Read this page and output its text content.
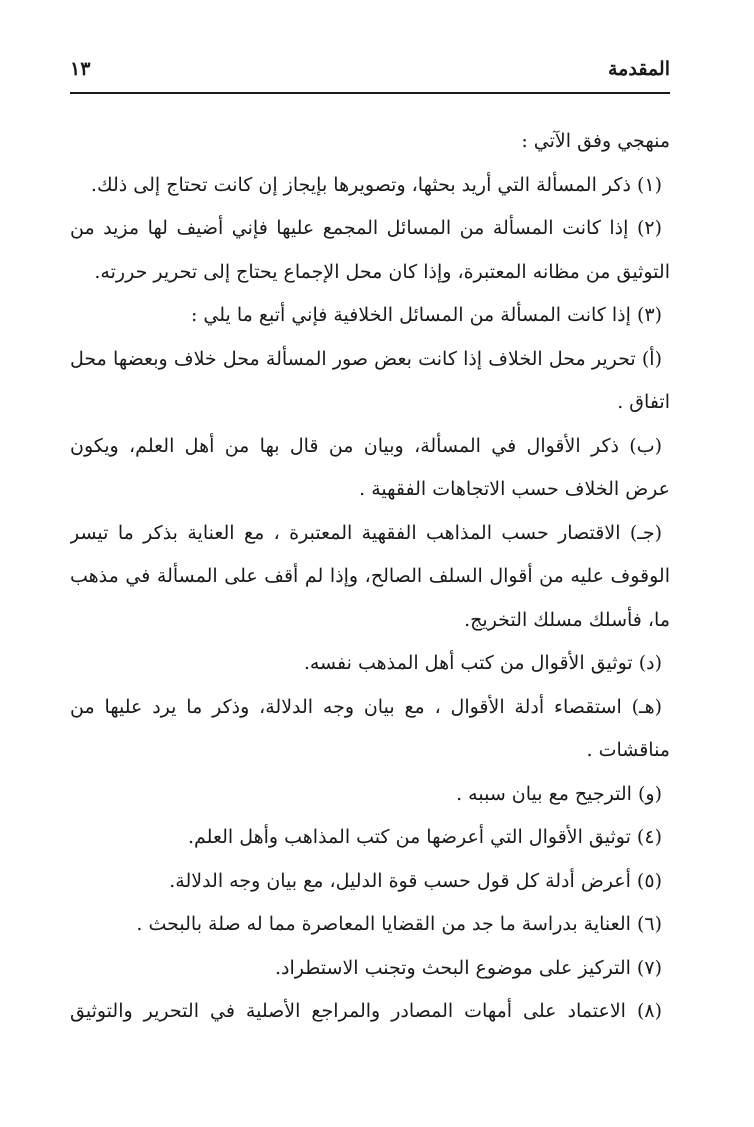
المقدمة
١٣
منهجي وفق الآتي :
(١) ذكر المسألة التي أريد بحثها، وتصويرها بإيجاز إن كانت تحتاج إلى ذلك.
(٢) إذا كانت المسألة من المسائل المجمع عليها فإني أضيف لها مزيد من
التوثيق من مظانه المعتبرة، وإذا كان محل الإجماع يحتاج إلى تحرير حررته.
(٣) إذا كانت المسألة من المسائل الخلافية فإني أتبع ما يلي :
(أ) تحرير محل الخلاف إذا كانت بعض صور المسألة محل خلاف وبعضها محل
اتفاق .
(ب) ذكر الأقوال في المسألة، وبيان من قال بها من أهل العلم، ويكون
عرض الخلاف حسب الاتجاهات الفقهية .
(جـ) الاقتصار حسب المذاهب الفقهية المعتبرة ، مع العناية بذكر ما تيسر
الوقوف عليه من أقوال السلف الصالح، وإذا لم أقف على المسألة في مذهب
ما، فأسلك مسلك التخريج.
(د) توثيق الأقوال من كتب أهل المذهب نفسه.
(هـ) استقصاء أدلة الأقوال ، مع بيان وجه الدلالة، وذكر ما يرد عليها من
مناقشات .
(و) الترجيح مع بيان سببه .
(٤) توثيق الأقوال التي أعرضها من كتب المذاهب وأهل العلم.
(٥) أعرض أدلة كل قول حسب قوة الدليل، مع بيان وجه الدلالة.
(٦) العناية بدراسة ما جد من القضايا المعاصرة مما له صلة بالبحث .
(٧) التركيز على موضوع البحث وتجنب الاستطراد.
(٨) الاعتماد على أمهات المصادر والمراجع الأصلية في التحرير والتوثيق
